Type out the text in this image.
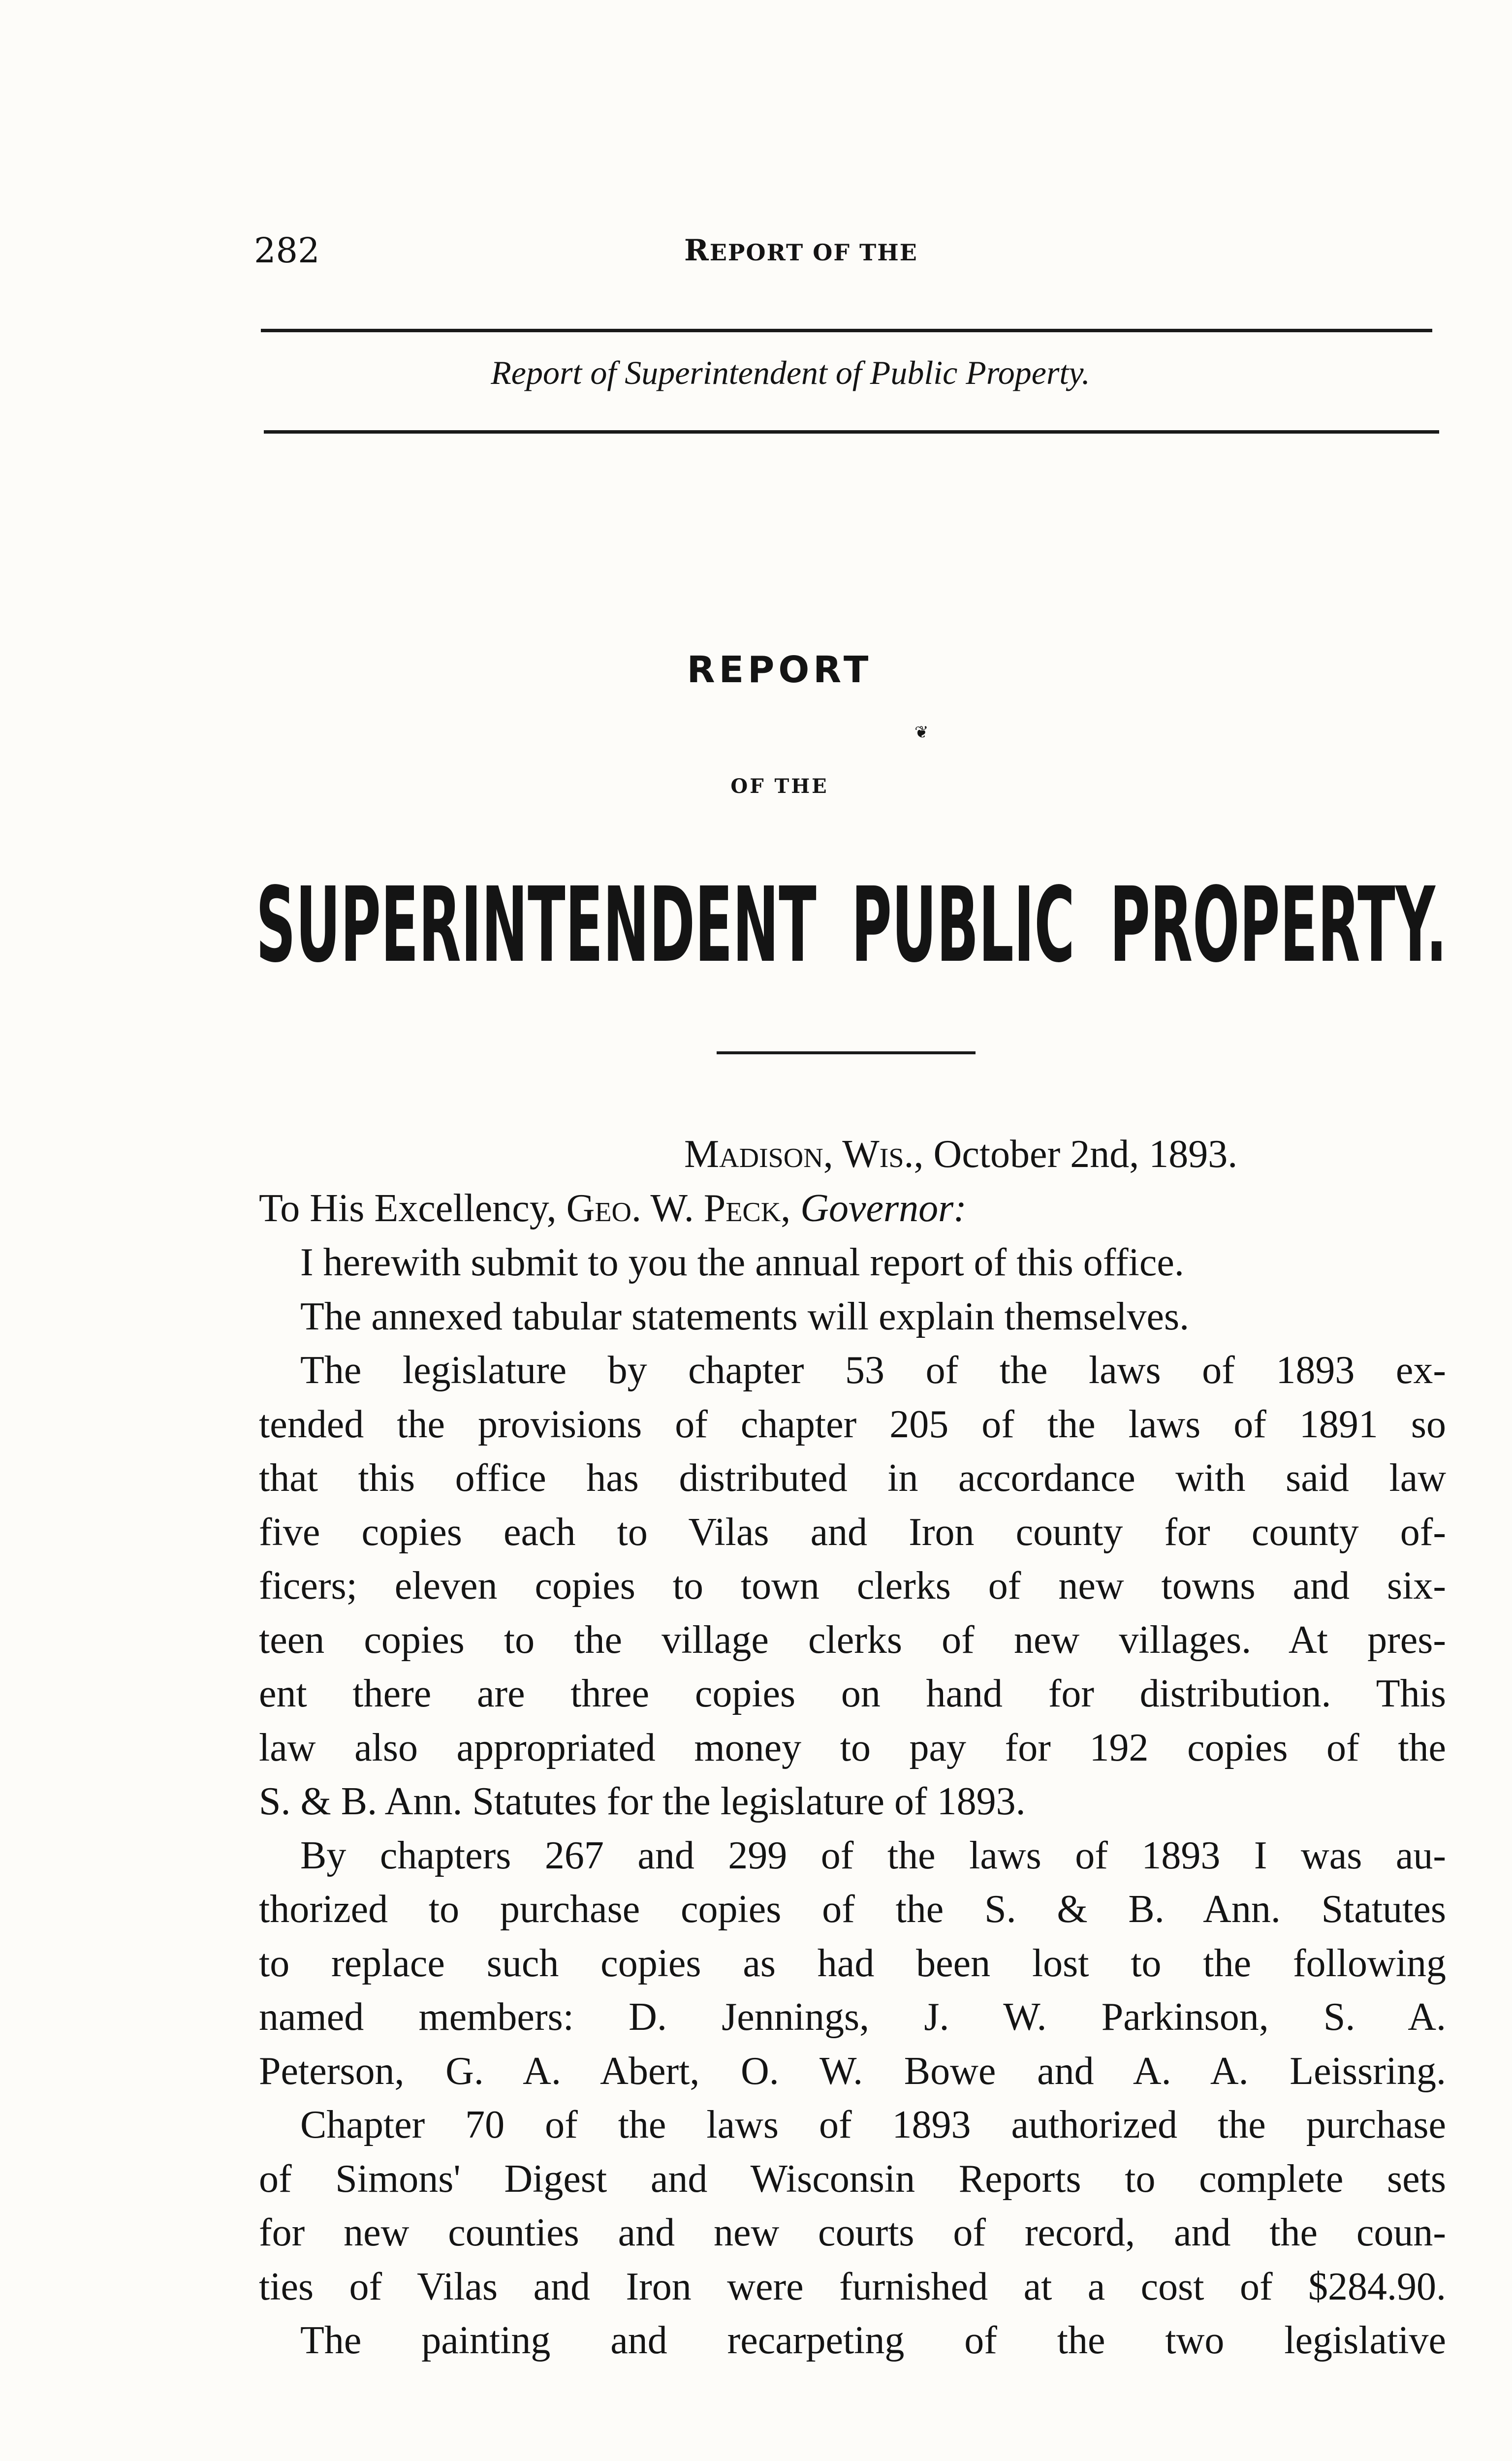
282	REPORT OF THE
Report of Superintendent of Public Property.
REPORT
❦
OF THE
SUPERINTENDENT PUBLIC PROPERTY.
Madison, Wis., October 2nd, 1893.
To His Excellency, Geo. W. Peck, Governor:
I herewith submit to you the annual report of this office.
The annexed tabular statements will explain themselves.
The legislature by chapter 53 of the laws of 1893 ex-
tended the provisions of chapter 205 of the laws of 1891 so
that this office has distributed in accordance with said law
five copies each to Vilas and Iron county for county of-
ficers; eleven copies to town clerks of new towns and six-
teen copies to the village clerks of new villages. At pres-
ent there are three copies on hand for distribution. This
law also appropriated money to pay for 192 copies of the
S. & B. Ann. Statutes for the legislature of 1893.
By chapters 267 and 299 of the laws of 1893 I was au-
thorized to purchase copies of the S. & B. Ann. Statutes
to replace such copies as had been lost to the following
named members: D. Jennings, J. W. Parkinson, S. A.
Peterson, G. A. Abert, O. W. Bowe and A. A. Leissring.
Chapter 70 of the laws of 1893 authorized the purchase
of Simons' Digest and Wisconsin Reports to complete sets
for new counties and new courts of record, and the coun-
ties of Vilas and Iron were furnished at a cost of $284.90.
The painting and recarpeting of the two legislative
